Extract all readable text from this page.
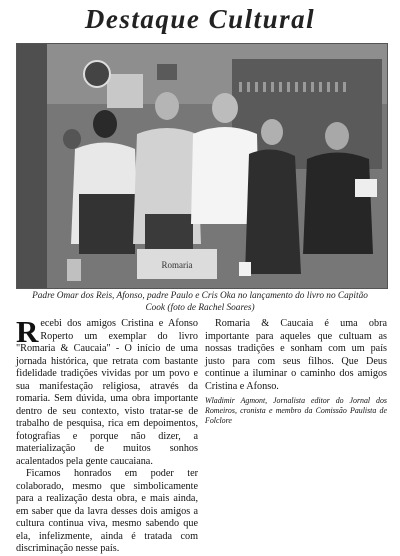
Destaque Cultural
Romaria
Padre Omar dos Reis, Afonso, padre Paulo e Cris Oka no lançamento do livro no Capitão Cook (foto de Rachel Soares)

Recebi dos amigos Cristina e Afonso Roperto um exemplar do livro "Romaria & Caucaia" - O início de uma jornada histórica, que retrata com bastante fidelidade tradições vividas por um povo e sua manifestação religiosa, através da romaria. Sem dúvida, uma obra importante dentro de seu contexto, visto tratar-se de trabalho de pesquisa, rica em depoimentos, fotografias e porque não dizer, a materialização de muitos sonhos acalentados pela gente caucaiana.

Ficamos honrados em poder ter colaborado, mesmo que simbolicamente para a realização desta obra, e mais ainda, em saber que da lavra desses dois amigos a cultura continua viva, mesmo sabendo que ela, infelizmente, ainda é tratada com discriminação nesse país.

Romaria & Caucaia é uma obra importante para aqueles que cultuam as nossas tradições e sonham com um país justo para com seus filhos. Que Deus continue a iluminar o caminho dos amigos Cristina e Afonso.

Wladimir Agmont, Jornalista editor do Jornal dos Romeiros, cronista e membro da Comissão Paulista de Folclore
